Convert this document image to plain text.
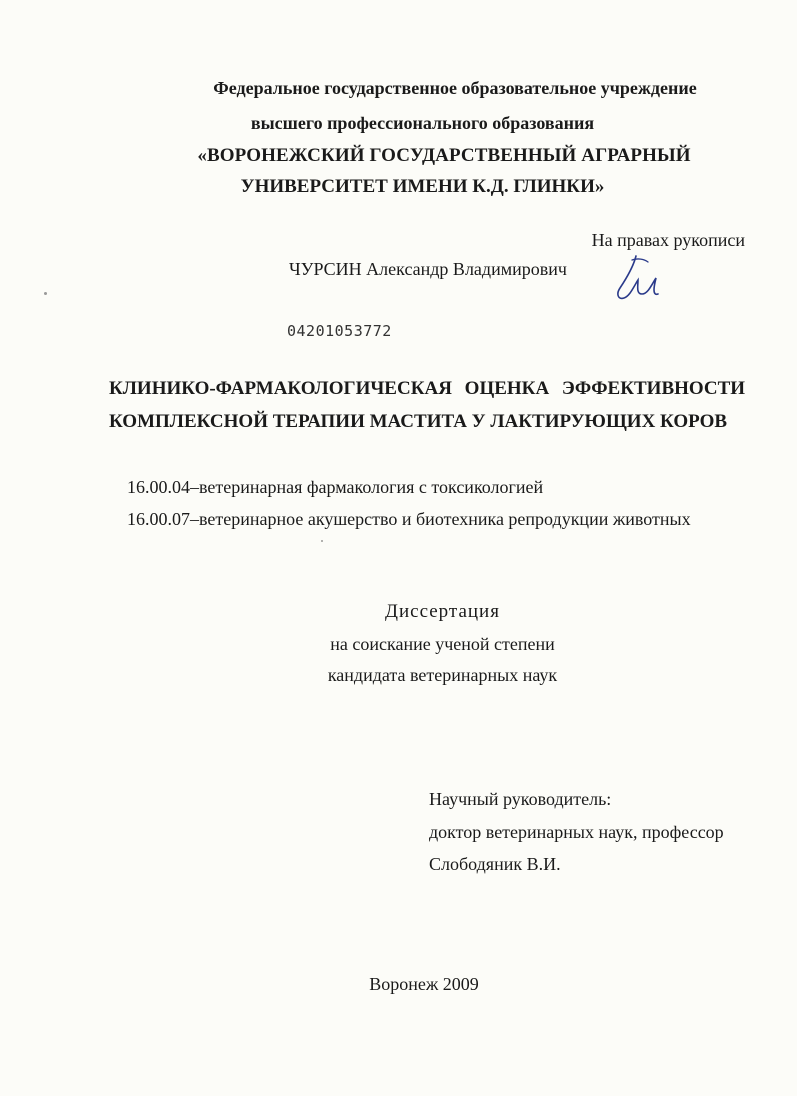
Федеральное государственное образовательное учреждение
высшего профессионального образования
«ВОРОНЕЖСКИЙ ГОСУДАРСТВЕННЫЙ АГРАРНЫЙ
УНИВЕРСИТЕТ ИМЕНИ К.Д. ГЛИНКИ»
На правах рукописи
ЧУРСИН Александр Владимирович
04201053772
КЛИНИКО-ФАРМАКОЛОГИЧЕСКАЯ ОЦЕНКА ЭФФЕКТИВНОСТИ
КОМПЛЕКСНОЙ ТЕРАПИИ МАСТИТА У ЛАКТИРУЮЩИХ КОРОВ
16.00.04–ветеринарная фармакология с токсикологией
16.00.07–ветеринарное акушерство и биотехника репродукции животных
Диссертация
на соискание ученой степени
кандидата ветеринарных наук
Научный руководитель:
доктор ветеринарных наук, профессор
Слободяник В.И.
Воронеж 2009
